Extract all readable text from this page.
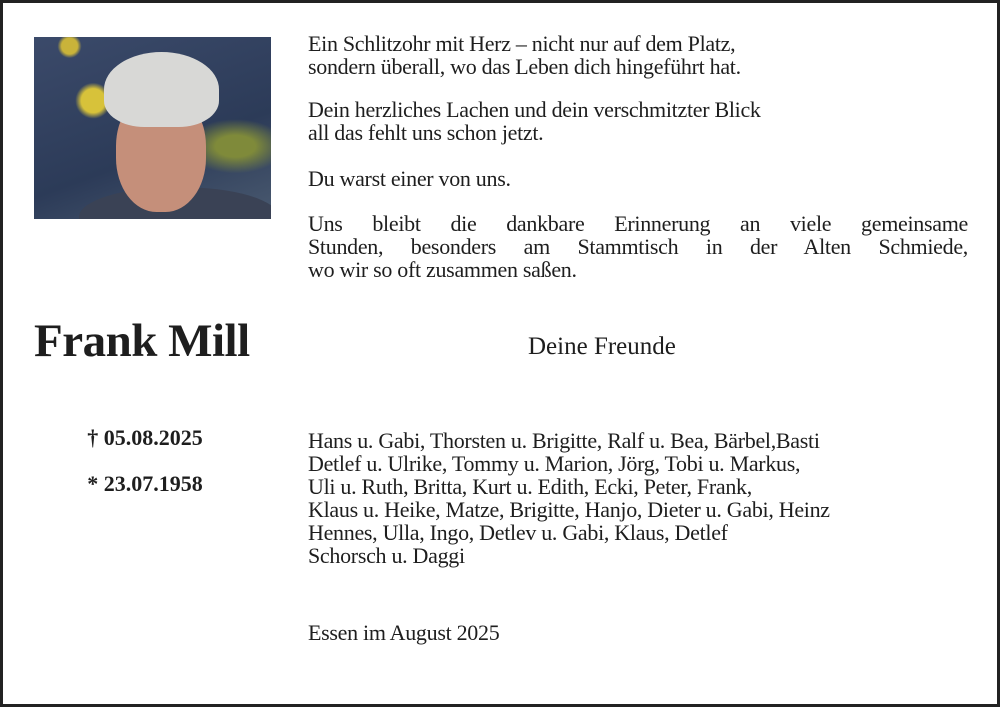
Ein Schlitzohr mit Herz – nicht nur auf dem Platz,
sondern überall, wo das Leben dich hingeführt hat.
Dein herzliches Lachen und dein verschmitzter Blick
all das fehlt uns schon jetzt.
Du warst einer von uns.
Uns bleibt die dankbare Erinnerung an viele gemeinsame
Stunden, besonders am Stammtisch in der Alten Schmiede,
wo wir so oft zusammen saßen.
Frank Mill	Deine Freunde
† 05.08.2025
* 23.07.1958
Hans u. Gabi, Thorsten u. Brigitte, Ralf u. Bea, Bärbel,Basti
Detlef u. Ulrike, Tommy u. Marion, Jörg, Tobi u. Markus,
Uli u. Ruth, Britta, Kurt u. Edith, Ecki, Peter, Frank,
Klaus u. Heike, Matze, Brigitte, Hanjo, Dieter u. Gabi, Heinz
Hennes, Ulla, Ingo, Detlev u. Gabi, Klaus, Detlef
Schorsch u. Daggi
Essen im August 2025
